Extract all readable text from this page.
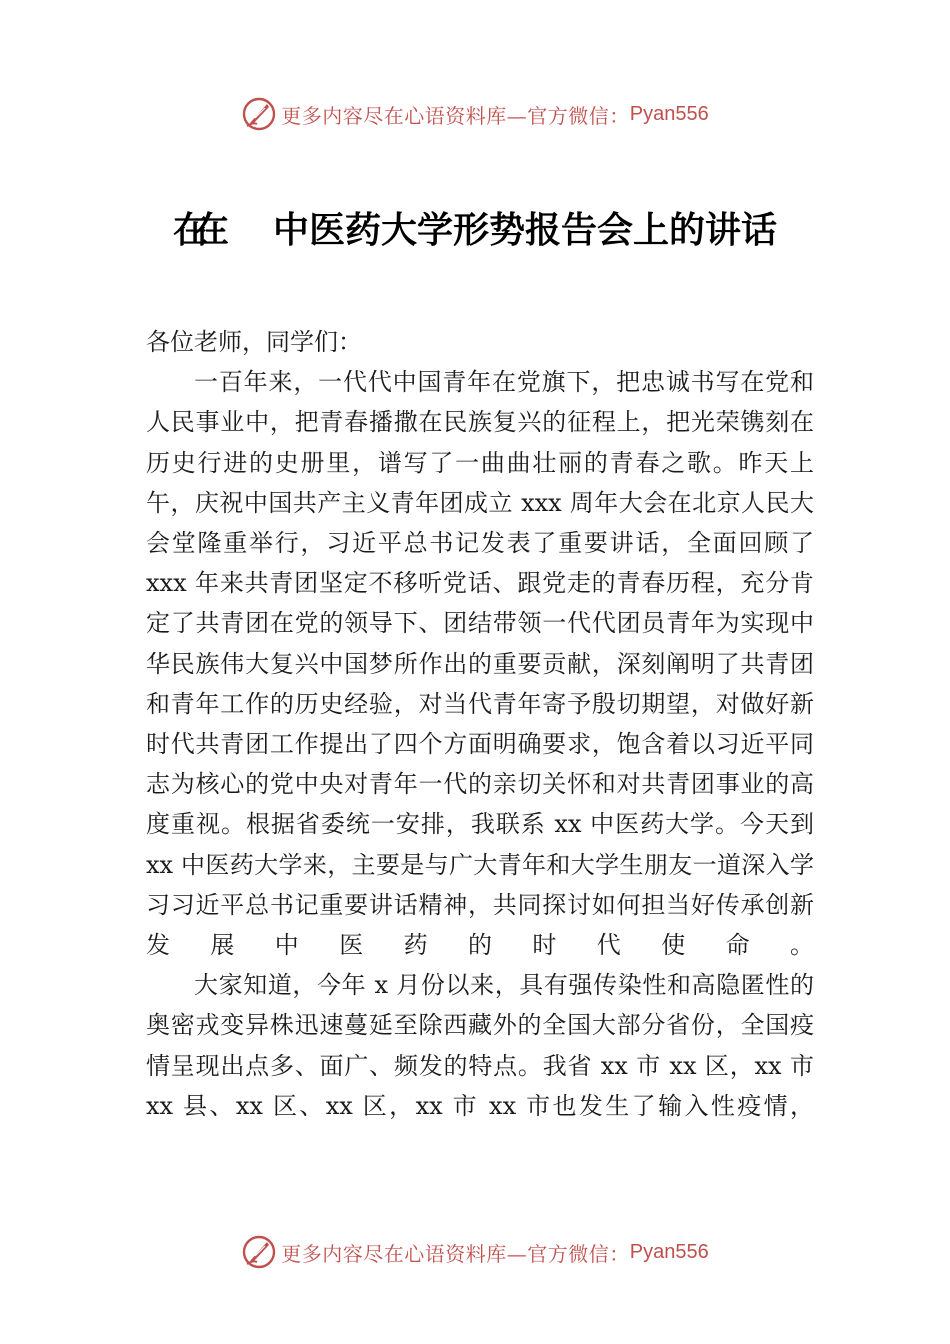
更多内容尽在心语资料库—官方微信： Pyan556
在在 中医药大学形势报告会上的讲话

各位老师，同学们：

一百年来，一代代中国青年在党旗下，把忠诚书写在党和人民事业中，把青春播撒在民族复兴的征程上，把光荣镌刻在历史行进的史册里，谱写了一曲曲壮丽的青春之歌。昨天上午，庆祝中国共产主义青年团成立 xxx 周年大会在北京人民大会堂隆重举行，习近平总书记发表了重要讲话，全面回顾了 xxx 年来共青团坚定不移听党话、跟党走的青春历程，充分肯定了共青团在党的领导下、团结带领一代代团员青年为实现中华民族伟大复兴中国梦所作出的重要贡献，深刻阐明了共青团和青年工作的历史经验，对当代青年寄予殷切期望，对做好新时代共青团工作提出了四个方面明确要求，饱含着以习近平同志为核心的党中央对青年一代的亲切关怀和对共青团事业的高度重视。根据省委统一安排，我联系 xx 中医药大学。今天到 xx 中医药大学来，主要是与广大青年和大学生朋友一道深入学习习近平总书记重要讲话精神，共同探讨如何担当好传承创新发展中医药的时代使命。

大家知道，今年 x 月份以来，具有强传染性和高隐匿性的奥密戎变异株迅速蔓延至除西藏外的全国大部分省份，全国疫情呈现出点多、面广、频发的特点。我省 xx 市 xx 区，xx 市 xx 县、xx 区、xx 区，xx 市 xx 市也发生了输入性疫情，

更多内容尽在心语资料库—官方微信： Pyan556
